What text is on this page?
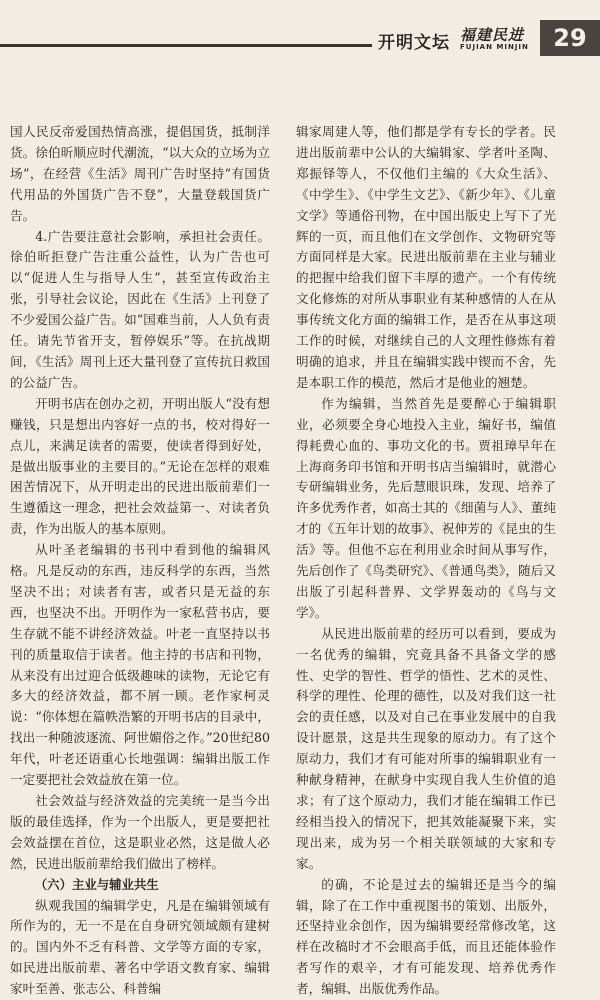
开明文坛 福建民进
FUJIAN MINJIN	29

国人民反帝爱国热情高涨，提倡国货，抵制洋货。徐伯昕顺应时代潮流，“以大众的立场为立场”，在经营《生活》周刊广告时坚持“有国货代用品的外国货广告不登”，大量登载国货广告。

4.广告要注意社会影响，承担社会责任。徐伯昕拒登广告注重公益性，认为广告也可以“促进人生与指导人生”，甚至宣传政治主张，引导社会议论，因此在《生活》上刊登了不少爱国公益广告。如“国难当前，人人负有责任。请先节省开支，暂停娱乐”等。在抗战期间，《生活》周刊上还大量刊登了宣传抗日救国的公益广告。

开明书店在创办之初，开明出版人“没有想赚钱，只是想出内容好一点的书，校对得好一点儿，来满足读者的需要，使读者得到好处，是做出版事业的主要目的。”无论在怎样的艰难困苦情况下，从开明走出的民进出版前辈们一生遵循这一理念，把社会效益第一、对读者负责，作为出版人的基本原则。

从叶圣老编辑的书刊中看到他的编辑风格。凡是反动的东西，违反科学的东西，当然坚决不出；对读者有害，或者只是无益的东西，也坚决不出。开明作为一家私营书店，要生存就不能不讲经济效益。叶老一直坚持以书刊的质量取信于读者。他主持的书店和刊物，从来没有出过迎合低级趣味的读物，无论它有多大的经济效益，都不屑一顾。老作家柯灵说：“你体想在篇帙浩繁的开明书店的目录中，找出一种随波逐流、阿世媚俗之作。”20世纪80年代，叶老还语重心长地强调：编辑出版工作一定要把社会效益放在第一位。

社会效益与经济效益的完美统一是当今出版的最佳选择，作为一个出版人，更是要把社会效益摆在首位，这是职业必然，这是做人必然，民进出版前辈给我们做出了榜样。

（六）主业与辅业共生

纵观我国的编辑学史，凡是在编辑领域有所作为的，无一不是在自身研究领域颇有建树的。国内外不乏有科普、文学等方面的专家，如民进出版前辈、著名中学语文教育家、编辑家叶至善、张志公、科普编

辑家周建人等，他们都是学有专长的学者。民进出版前辈中公认的大编辑家、学者叶圣陶、郑振铎等人，不仅他们主编的《大众生活》、《中学生》、《中学生文艺》、《新少年》、《儿童文学》等通俗刊物，在中国出版史上写下了光辉的一页，而且他们在文学创作、文物研究等方面同样是大家。民进出版前辈在主业与辅业的把握中给我们留下丰厚的遗产。一个有传统文化修炼的对所从事职业有某种感情的人在从事传统文化方面的编辑工作，是否在从事这项工作的时候，对继续自己的人文理性修炼有着明确的追求，并且在编辑实践中锲而不舍，先是本职工作的模范，然后才是他业的翘楚。

作为编辑，当然首先是要醉心于编辑职业，必须要全身心地投入主业，编好书，编值得耗费心血的、事功文化的书。贾祖璋早年在上海商务印书馆和开明书店当编辑时，就潜心专研编辑业务，先后慧眼识珠，发现、培养了许多优秀作者，如高士其的《细菌与人》、董纯才的《五年计划的故事》、祝伸芳的《昆虫的生活》等。但他不忘在利用业余时间从事写作，先后创作了《鸟类研究》、《普通鸟类》，随后又出版了引起科普界、文学界轰动的《鸟与文学》。

从民进出版前辈的经历可以看到，要成为一名优秀的编辑，究竟具备不具备文学的感性、史学的智性、哲学的悟性、艺术的灵性、科学的理性、伦理的德性，以及对我们这一社会的责任感，以及对自己在事业发展中的自我设计愿景，这是共生现象的原动力。有了这个原动力，我们才有可能对所事的编辑职业有一种献身精神，在献身中实现自我人生价值的追求；有了这个原动力，我们才能在编辑工作已经相当投入的情况下，把其效能凝聚下来，实现出来，成为另一个相关联领域的大家和专家。

的确，不论是过去的编辑还是当今的编辑，除了在工作中重视图书的策划、出版外，还坚持业余创作，因为编辑要经常修改笔，这样在改稿时才不会眼高手低，而且还能体验作者写作的艰辛，才有可能发现、培养优秀作者，编辑、出版优秀作品。
